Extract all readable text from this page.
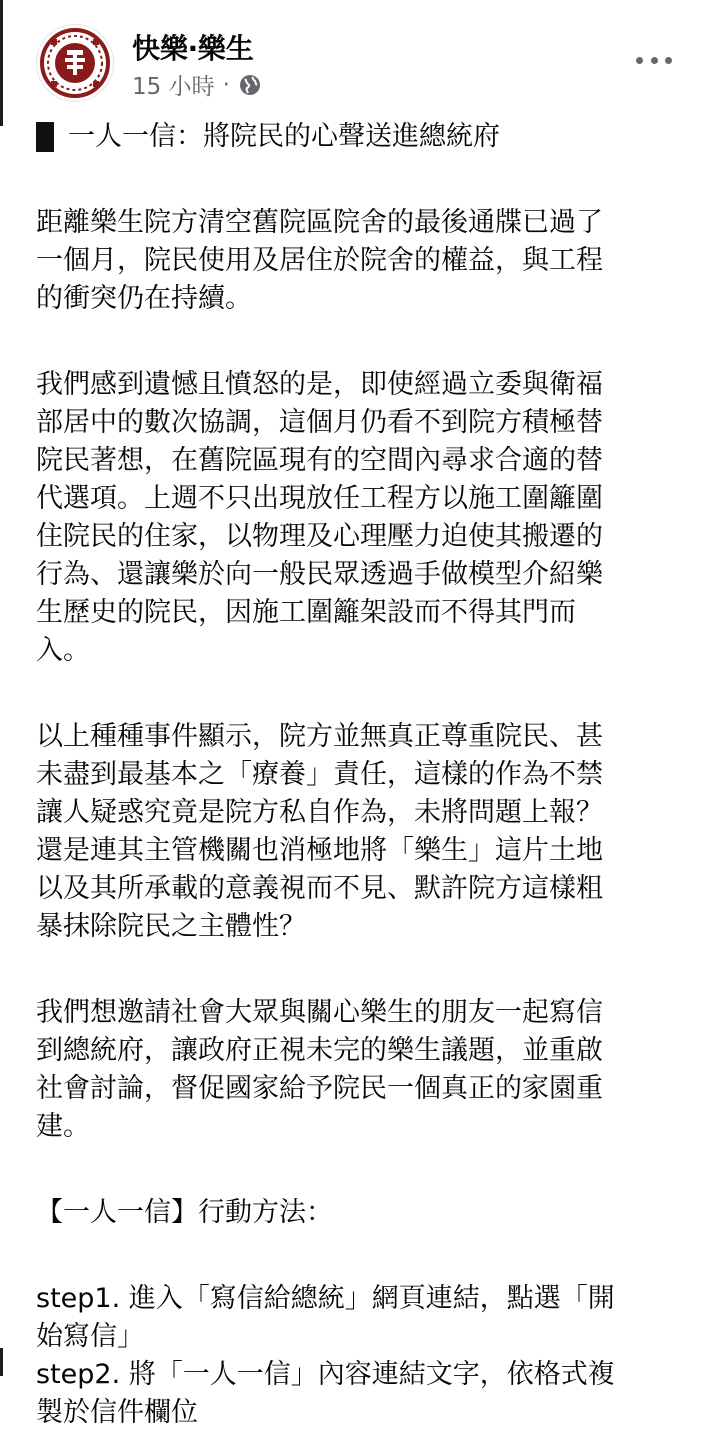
快樂‧樂生
15 小時 ·
一人一信：將院民的心聲送進總統府

距離樂生院方清空舊院區院舍的最後通牒已過了

一個月，院民使用及居住於院舍的權益，與工程

的衝突仍在持續。

我們感到遺憾且憤怒的是，即使經過立委與衛福

部居中的數次協調，這個月仍看不到院方積極替

院民著想，在舊院區現有的空間內尋求合適的替

代選項。上週不只出現放任工程方以施工圍籬圍

住院民的住家，以物理及心理壓力迫使其搬遷的

行為、還讓樂於向一般民眾透過手做模型介紹樂

生歷史的院民，因施工圍籬架設而不得其門而

入。

以上種種事件顯示，院方並無真正尊重院民、甚

未盡到最基本之「療養」責任，這樣的作為不禁

讓人疑惑究竟是院方私自作為，未將問題上報？

還是連其主管機關也消極地將「樂生」這片土地

以及其所承載的意義視而不見、默許院方這樣粗

暴抹除院民之主體性？

我們想邀請社會大眾與關心樂生的朋友一起寫信

到總統府，讓政府正視未完的樂生議題，並重啟

社會討論，督促國家給予院民一個真正的家園重

建。

【一人一信】行動方法：

step1. 進入「寫信給總統」網頁連結，點選「開

始寫信」

step2. 將「一人一信」內容連結文字，依格式複

製於信件欄位
